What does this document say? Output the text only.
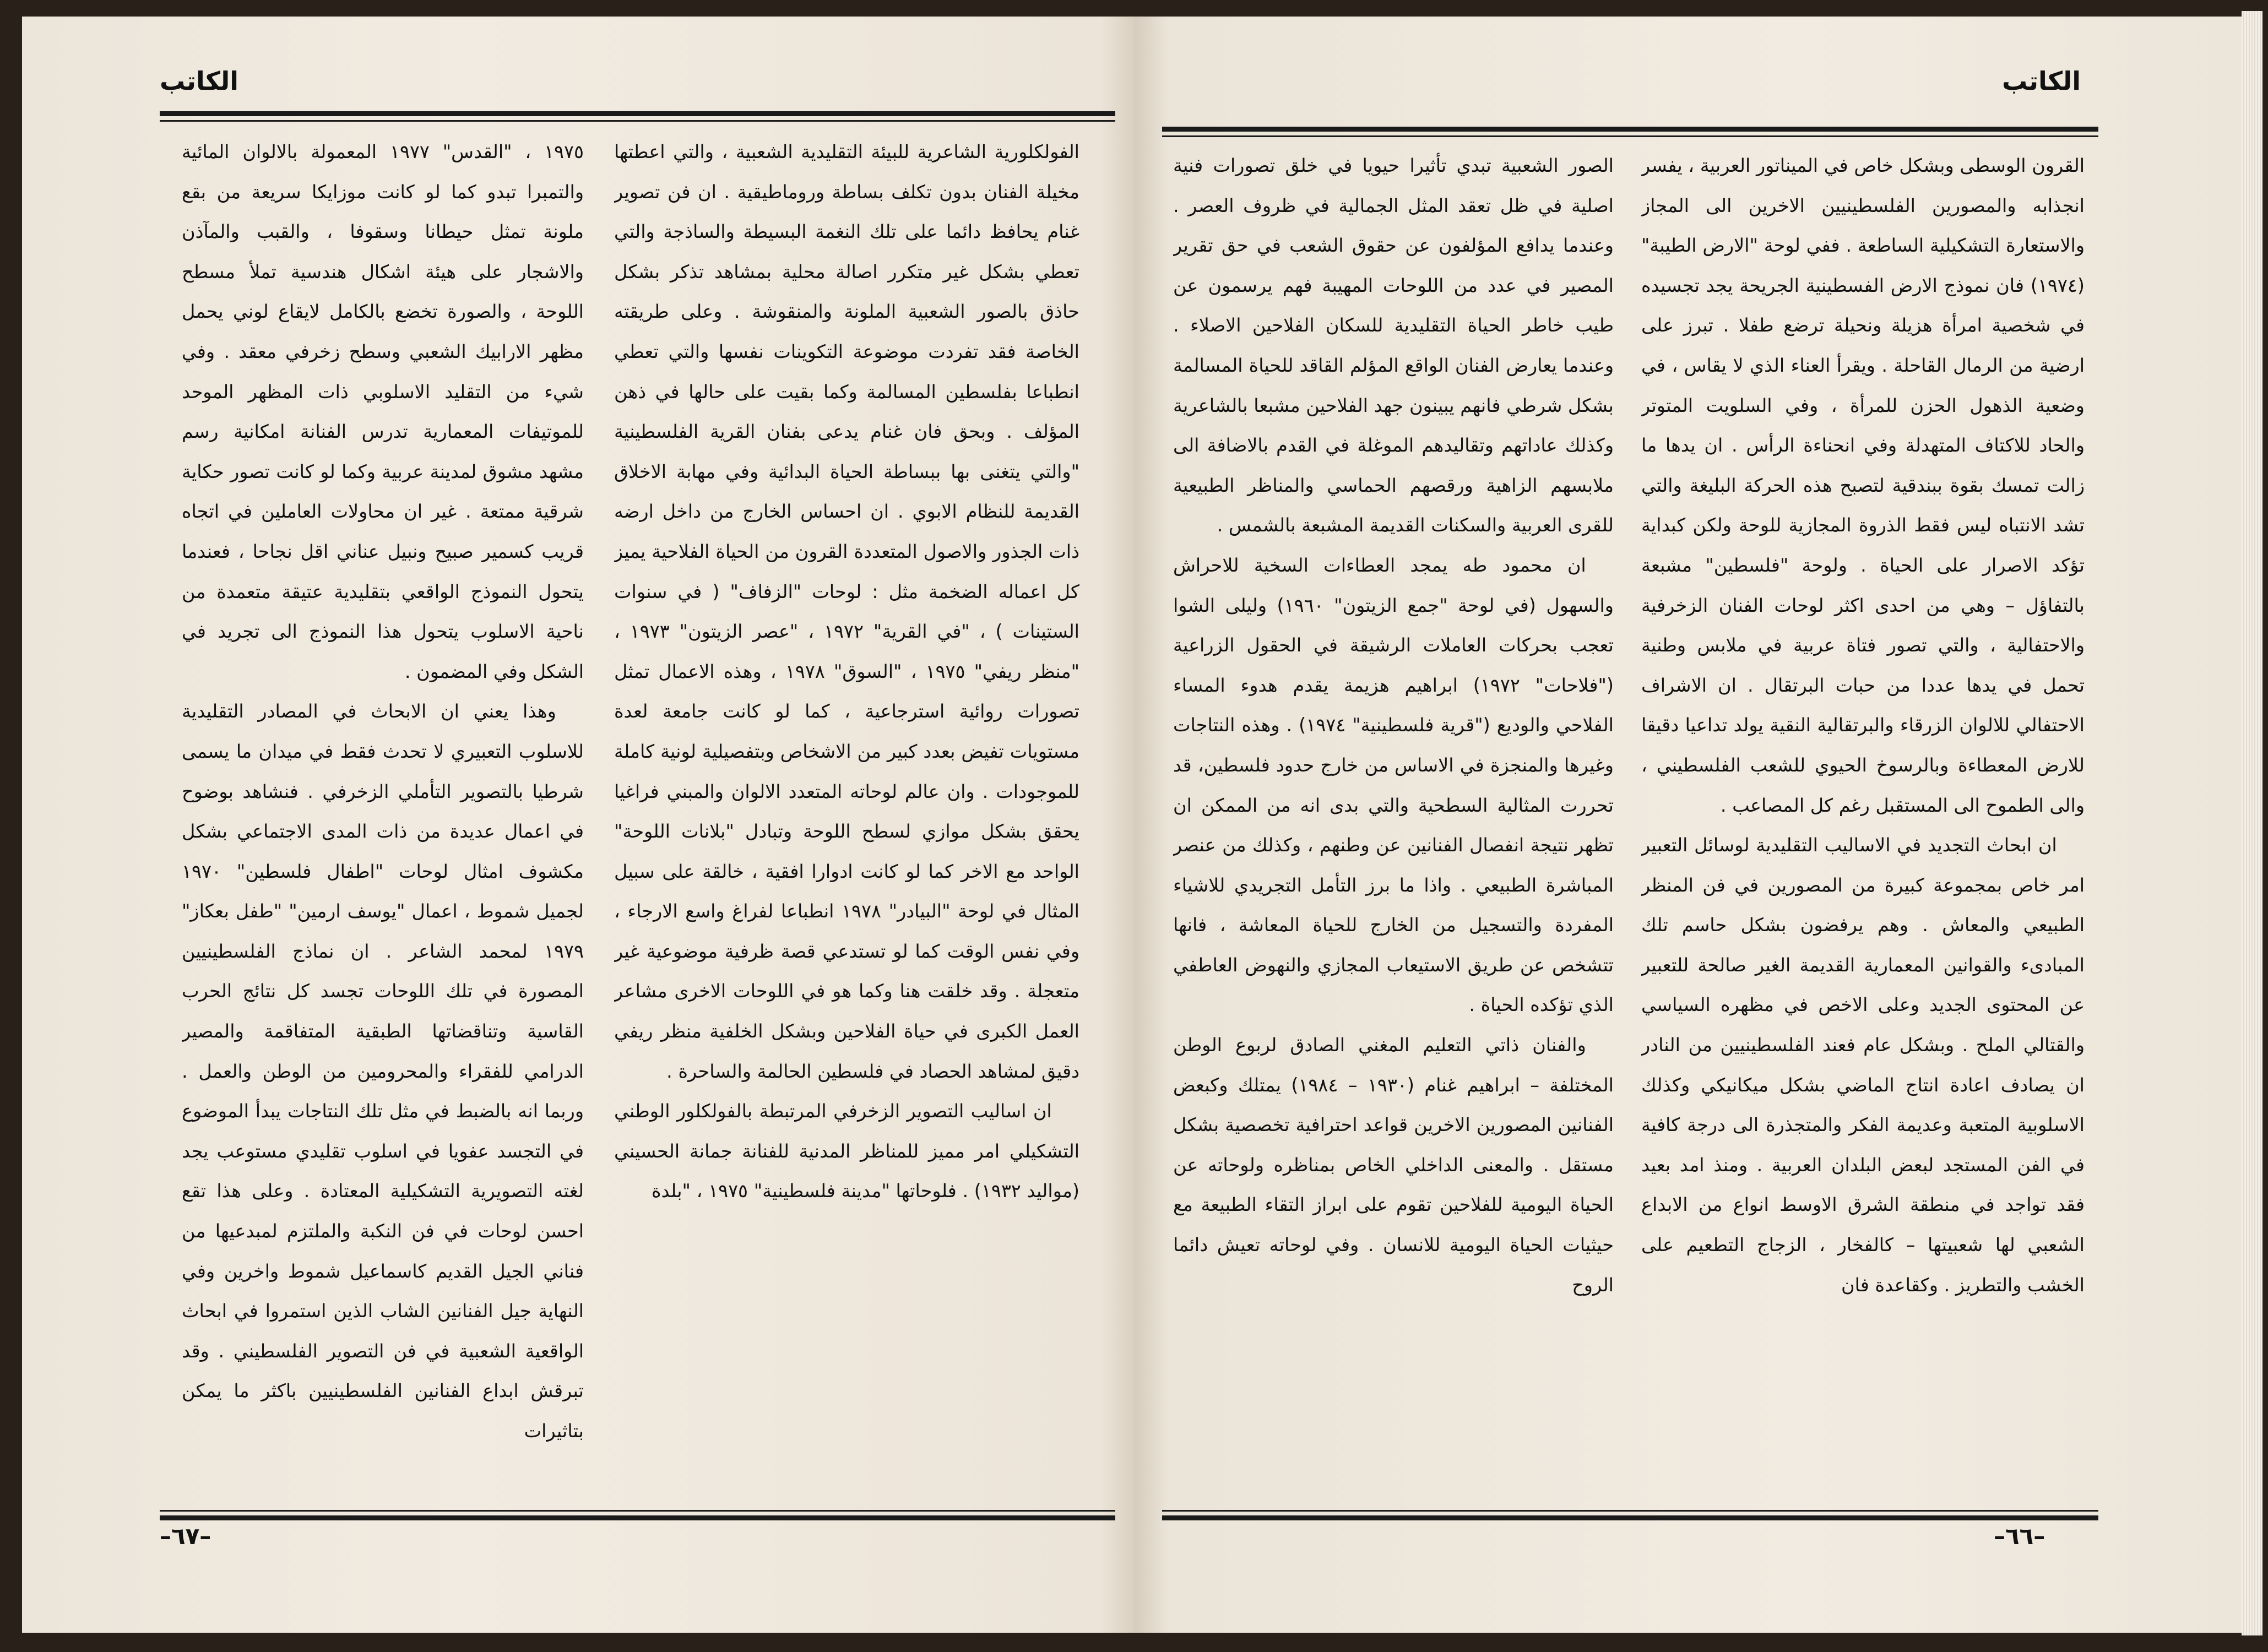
الكاتب

الفولكلورية الشاعرية للبيئة التقليدية الشعبية ، والتي اعطتها مخيلة الفنان بدون تكلف بساطة وروماطيقية . ان فن تصوير غنام يحافظ دائما على تلك النغمة البسيطة والساذجة والتي تعطي بشكل غير متكرر اصالة محلية بمشاهد تذكر بشكل حاذق بالصور الشعبية الملونة والمنقوشة . وعلى طريقته الخاصة فقد تفردت موضوعة التكوينات نفسها والتي تعطي انطباعا بفلسطين المسالمة وكما بقيت على حالها في ذهن المؤلف . وبحق فان غنام يدعى بفنان القرية الفلسطينية "والتي يتغنى بها ببساطة الحياة البدائية وفي مهابة الاخلاق القديمة للنظام الابوي . ان احساس الخارج من داخل ارضه ذات الجذور والاصول المتعددة القرون من الحياة الفلاحية يميز كل اعماله الضخمة مثل : لوحات "الزفاف" ( في سنوات الستينات ) ، "في القرية" ١٩٧٢ ، "عصر الزيتون" ١٩٧٣ ، "منظر ريفي" ١٩٧٥ ، "السوق" ١٩٧٨ ، وهذه الاعمال تمثل تصورات روائية استرجاعية ، كما لو كانت جامعة لعدة مستويات تفيض بعدد كبير من الاشخاص وبتفصيلية لونية كاملة للموجودات . وان عالم لوحاته المتعدد الالوان والمبني فراغيا يحقق بشكل موازي لسطح اللوحة وتبادل "بلانات اللوحة" الواحد مع الاخر كما لو كانت ادوارا افقية ، خالقة على سبيل المثال في لوحة "البيادر" ١٩٧٨ انطباعا لفراغ واسع الارجاء ، وفي نفس الوقت كما لو تستدعي قصة ظرفية موضوعية غير متعجلة . وقد خلقت هنا وكما هو في اللوحات الاخرى مشاعر العمل الكبرى في حياة الفلاحين وبشكل الخلفية منظر ريفي دقيق لمشاهد الحصاد في فلسطين الحالمة والساحرة .

ان اساليب التصوير الزخرفي المرتبطة بالفولكلور الوطني التشكيلي امر مميز للمناظر المدنية للفنانة جمانة الحسيني (مواليد ١٩٣٢) . فلوحاتها "مدينة فلسطينية" ١٩٧٥ ، "بلدة

١٩٧٥ ، "القدس" ١٩٧٧ المعمولة بالالوان المائية والتمبرا تبدو كما لو كانت موزايكا سريعة من بقع ملونة تمثل حيطانا وسقوفا ، والقبب والمآذن والاشجار على هيئة اشكال هندسية تملأ مسطح اللوحة ، والصورة تخضع بالكامل لايقاع لوني يحمل مظهر الارابيك الشعبي وسطح زخرفي معقد . وفي شيء من التقليد الاسلوبي ذات المظهر الموحد للموتيفات المعمارية تدرس الفنانة امكانية رسم مشهد مشوق لمدينة عربية وكما لو كانت تصور حكاية شرقية ممتعة . غير ان محاولات العاملين في اتجاه قريب كسمير صبيح ونبيل عناني اقل نجاحا ، فعندما يتحول النموذج الواقعي بتقليدية عتيقة متعمدة من ناحية الاسلوب يتحول هذا النموذج الى تجريد في الشكل وفي المضمون .

وهذا يعني ان الابحاث في المصادر التقليدية للاسلوب التعبيري لا تحدث فقط في ميدان ما يسمى شرطيا بالتصوير التأملي الزخرفي . فنشاهد بوضوح في اعمال عديدة من ذات المدى الاجتماعي بشكل مكشوف امثال لوحات "اطفال فلسطين" ١٩٧٠ لجميل شموط ، اعمال "يوسف ارمين" "طفل بعكاز" ١٩٧٩ لمحمد الشاعر . ان نماذج الفلسطينيين المصورة في تلك اللوحات تجسد كل نتائج الحرب القاسية وتناقضاتها الطبقية المتفاقمة والمصير الدرامي للفقراء والمحرومين من الوطن والعمل . وربما انه بالضبط في مثل تلك النتاجات يبدأ الموضوع في التجسد عفويا في اسلوب تقليدي مستوعب يجد لغته التصويرية التشكيلية المعتادة . وعلى هذا تقع احسن لوحات في فن النكبة والملتزم لمبدعيها من فناني الجيل القديم كاسماعيل شموط واخرين وفي النهاية جيل الفنانين الشاب الذين استمروا في ابحاث الواقعية الشعبية في فن التصوير الفلسطيني . وقد تبرقش ابداع الفنانين الفلسطينيين باكثر ما يمكن بتاثيرات

–٦٧–
الكاتب

القرون الوسطى وبشكل خاص في الميناتور العربية ، يفسر انجذابه والمصورين الفلسطينيين الاخرين الى المجاز والاستعارة التشكيلية الساطعة . ففي لوحة "الارض الطيبة" (١٩٧٤) فان نموذج الارض الفسطينية الجريحة يجد تجسيده في شخصية امرأة هزيلة ونحيلة ترضع طفلا . تبرز على ارضية من الرمال القاحلة . ويقرأ العناء الذي لا يقاس ، في وضعية الذهول الحزن للمرأة ، وفي السلويت المتوتر والحاد للاكتاف المتهدلة وفي انحناءة الرأس . ان يدها ما زالت تمسك بقوة ببندقية لتصبح هذه الحركة البليغة والتي تشد الانتباه ليس فقط الذروة المجازية للوحة ولكن كبداية تؤكد الاصرار على الحياة . ولوحة "فلسطين" مشبعة بالتفاؤل – وهي من احدى اكثر لوحات الفنان الزخرفية والاحتفالية ، والتي تصور فتاة عربية في ملابس وطنية تحمل في يدها عددا من حبات البرتقال . ان الاشراف الاحتفالي للالوان الزرقاء والبرتقالية النقية يولد تداعيا دقيقا للارض المعطاءة وبالرسوخ الحيوي للشعب الفلسطيني ، والى الطموح الى المستقبل رغم كل المصاعب .

ان ابحاث التجديد في الاساليب التقليدية لوسائل التعبير امر خاص بمجموعة كبيرة من المصورين في فن المنظر الطبيعي والمعاش . وهم يرفضون بشكل حاسم تلك المبادىء والقوانين المعمارية القديمة الغير صالحة للتعبير عن المحتوى الجديد وعلى الاخص في مظهره السياسي والقتالي الملح . وبشكل عام فعند الفلسطينيين من النادر ان يصادف اعادة انتاج الماضي بشكل ميكانيكي وكذلك الاسلوبية المتعبة وعديمة الفكر والمتجذرة الى درجة كافية في الفن المستجد لبعض البلدان العربية . ومنذ امد بعيد فقد تواجد في منطقة الشرق الاوسط انواع من الابداع الشعبي لها شعبيتها – كالفخار ، الزجاج التطعيم على الخشب والتطريز . وكقاعدة فان

الصور الشعبية تبدي تأثيرا حيويا في خلق تصورات فنية اصلية في ظل تعقد المثل الجمالية في ظروف العصر . وعندما يدافع المؤلفون عن حقوق الشعب في حق تقرير المصير في عدد من اللوحات المهيبة فهم يرسمون عن طيب خاطر الحياة التقليدية للسكان الفلاحين الاصلاء . وعندما يعارض الفنان الواقع المؤلم القاقد للحياة المسالمة بشكل شرطي فانهم يبينون جهد الفلاحين مشبعا بالشاعرية وكذلك عاداتهم وتقاليدهم الموغلة في القدم بالاضافة الى ملابسهم الزاهية ورقصهم الحماسي والمناظر الطبيعية للقرى العربية والسكنات القديمة المشبعة بالشمس .

ان محمود طه يمجد العطاءات السخية للاحراش والسهول (في لوحة "جمع الزيتون" ١٩٦٠) وليلى الشوا تعجب بحركات العاملات الرشيقة في الحقول الزراعية ("فلاحات" ١٩٧٢) ابراهيم هزيمة يقدم هدوء المساء الفلاحي والوديع ("قرية فلسطينية" ١٩٧٤) . وهذه النتاجات وغيرها والمنجزة في الاساس من خارج حدود فلسطين، قد تحررت المثالية السطحية والتي بدى انه من الممكن ان تظهر نتيجة انفصال الفنانين عن وطنهم ، وكذلك من عنصر المباشرة الطبيعي . واذا ما برز التأمل التجريدي للاشياء المفردة والتسجيل من الخارج للحياة المعاشة ، فانها تتشخص عن طريق الاستيعاب المجازي والنهوض العاطفي الذي تؤكده الحياة .

والفنان ذاتي التعليم المغني الصادق لربوع الوطن المختلفة – ابراهيم غنام (١٩٣٠ – ١٩٨٤) يمتلك وكبعض الفنانين المصورين الاخرين قواعد احترافية تخصصية بشكل مستقل . والمعنى الداخلي الخاص بمناظره ولوحاته عن الحياة اليومية للفلاحين تقوم على ابراز التقاء الطبيعة مع حيثيات الحياة اليومية للانسان . وفي لوحاته تعيش دائما الروح

–٦٦–
